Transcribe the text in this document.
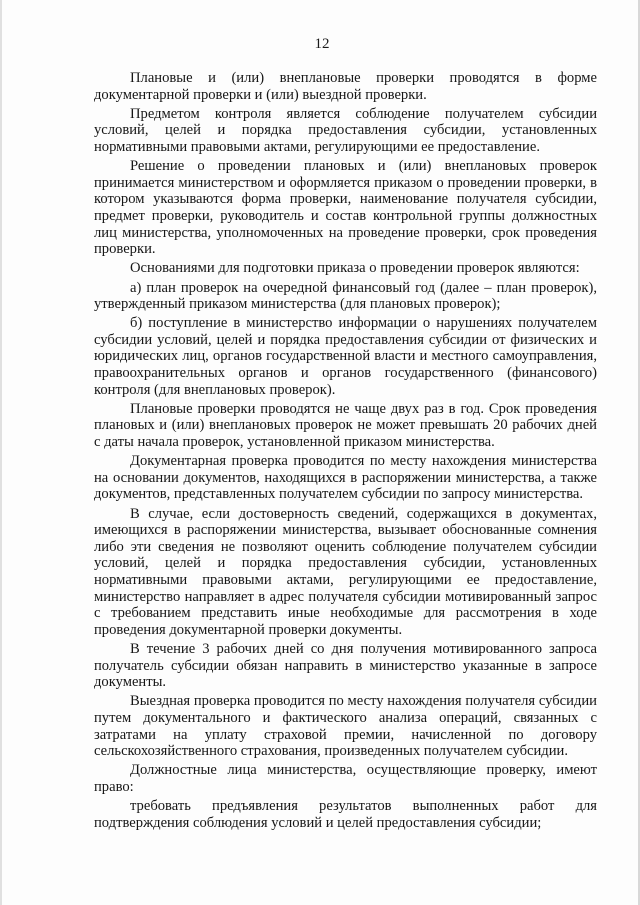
12

Плановые и (или) внеплановые проверки проводятся в форме документарной проверки и (или) выездной проверки.

Предметом контроля является соблюдение получателем субсидии условий, целей и порядка предоставления субсидии, установленных нормативными правовыми актами, регулирующими ее предоставление.

Решение о проведении плановых и (или) внеплановых проверок принимается министерством и оформляется приказом о проведении проверки, в котором указываются форма проверки, наименование получателя субсидии, предмет проверки, руководитель и состав контрольной группы должностных лиц министерства, уполномоченных на проведение проверки, срок проведения проверки.

Основаниями для подготовки приказа о проведении проверок являются:

а) план проверок на очередной финансовый год (далее – план проверок), утвержденный приказом министерства (для плановых проверок);

б) поступление в министерство информации о нарушениях получателем субсидии условий, целей и порядка предоставления субсидии от физических и юридических лиц, органов государственной власти и местного самоуправления, правоохранительных органов и органов государственного (финансового) контроля (для внеплановых проверок).

Плановые проверки проводятся не чаще двух раз в год. Срок проведения плановых и (или) внеплановых проверок не может превышать 20 рабочих дней с даты начала проверок, установленной приказом министерства.

Документарная проверка проводится по месту нахождения министерства на основании документов, находящихся в распоряжении министерства, а также документов, представленных получателем субсидии по запросу министерства.

В случае, если достоверность сведений, содержащихся в документах, имеющихся в распоряжении министерства, вызывает обоснованные сомнения либо эти сведения не позволяют оценить соблюдение получателем субсидии условий, целей и порядка предоставления субсидии, установленных нормативными правовыми актами, регулирующими ее предоставление, министерство направляет в адрес получателя субсидии мотивированный запрос с требованием представить иные необходимые для рассмотрения в ходе проведения документарной проверки документы.

В течение 3 рабочих дней со дня получения мотивированного запроса получатель субсидии обязан направить в министерство указанные в запросе документы.

Выездная проверка проводится по месту нахождения получателя субсидии путем документального и фактического анализа операций, связанных с затратами на уплату страховой премии, начисленной по договору сельскохозяйственного страхования, произведенных получателем субсидии.

Должностные лица министерства, осуществляющие проверку, имеют право:

требовать предъявления результатов выполненных работ для подтверждения соблюдения условий и целей предоставления субсидии;
